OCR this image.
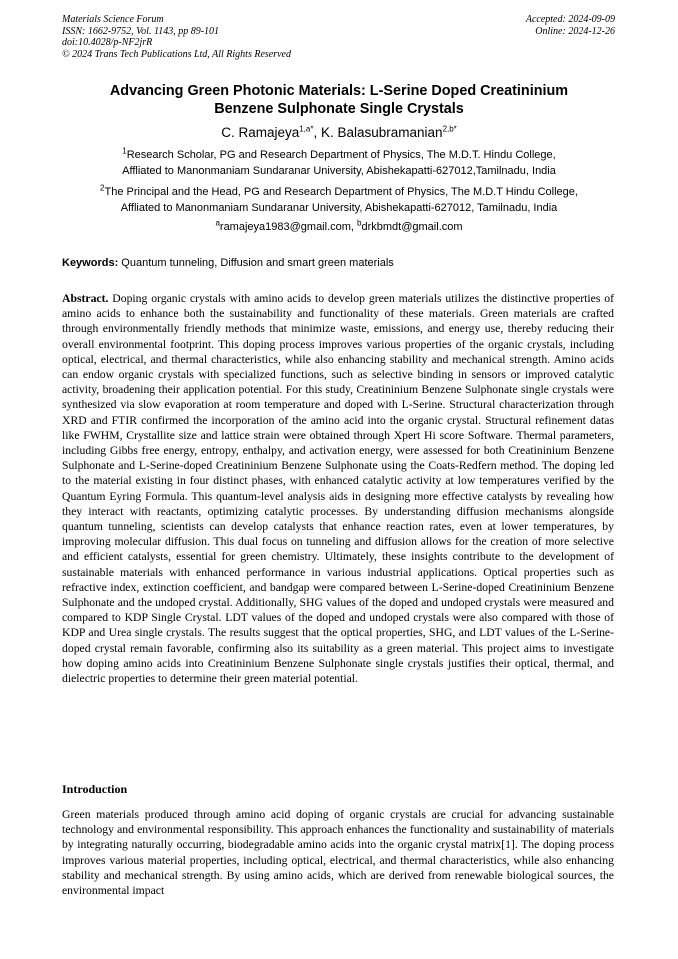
Materials Science Forum
ISSN: 1662-9752, Vol. 1143, pp 89-101
doi:10.4028/p-NF2jrR
© 2024 Trans Tech Publications Ltd, All Rights Reserved
Accepted: 2024-09-09
Online: 2024-12-26
Advancing Green Photonic Materials: L-Serine Doped Creatininium
Benzene Sulphonate Single Crystals
C. Ramajeya$^{1,a*}$, K. Balasubramanian$^{2,b*}$
$^1$Research Scholar, PG and Research Department of Physics, The M.D.T. Hindu College,
Affliated to Manonmaniam Sundaranar University, Abishekapatti-627012,Tamilnadu, India
$^2$The Principal and the Head, PG and Research Department of Physics, The M.D.T Hindu College,
Affliated to Manonmaniam Sundaranar University, Abishekapatti-627012, Tamilnadu, India
$^a$ramajeya1983@gmail.com, $^b$drkbmdt@gmail.com
Keywords: Quantum tunneling, Diffusion and smart green materials
Abstract. Doping organic crystals with amino acids to develop green materials utilizes the distinctive properties of amino acids to enhance both the sustainability and functionality of these materials. Green materials are crafted through environmentally friendly methods that minimize waste, emissions, and energy use, thereby reducing their overall environmental footprint. This doping process improves various properties of the organic crystals, including optical, electrical, and thermal characteristics, while also enhancing stability and mechanical strength. Amino acids can endow organic crystals with specialized functions, such as selective binding in sensors or improved catalytic activity, broadening their application potential. For this study, Creatininium Benzene Sulphonate single crystals were synthesized via slow evaporation at room temperature and doped with L-Serine. Structural characterization through XRD and FTIR confirmed the incorporation of the amino acid into the organic crystal. Structural refinement datas like FWHM, Crystallite size and lattice strain were obtained through Xpert Hi score Software. Thermal parameters, including Gibbs free energy, entropy, enthalpy, and activation energy, were assessed for both Creatininium Benzene Sulphonate and L-Serine-doped Creatininium Benzene Sulphonate using the Coats-Redfern method. The doping led to the material existing in four distinct phases, with enhanced catalytic activity at low temperatures verified by the Quantum Eyring Formula. This quantum-level analysis aids in designing more effective catalysts by revealing how they interact with reactants, optimizing catalytic processes. By understanding diffusion mechanisms alongside quantum tunneling, scientists can develop catalysts that enhance reaction rates, even at lower temperatures, by improving molecular diffusion. This dual focus on tunneling and diffusion allows for the creation of more selective and efficient catalysts, essential for green chemistry. Ultimately, these insights contribute to the development of sustainable materials with enhanced performance in various industrial applications. Optical properties such as refractive index, extinction coefficient, and bandgap were compared between L-Serine-doped Creatininium Benzene Sulphonate and the undoped crystal. Additionally, SHG values of the doped and undoped crystals were measured and compared to KDP Single Crystal. LDT values of the doped and undoped crystals were also compared with those of KDP and Urea single crystals. The results suggest that the optical properties, SHG, and LDT values of the L-Serine-doped crystal remain favorable, confirming also its suitability as a green material. This project aims to investigate how doping amino acids into Creatininium Benzene Sulphonate single crystals justifies their optical, thermal, and dielectric properties to determine their green material potential.
Introduction
Green materials produced through amino acid doping of organic crystals are crucial for advancing sustainable technology and environmental responsibility. This approach enhances the functionality and sustainability of materials by integrating naturally occurring, biodegradable amino acids into the organic crystal matrix[1]. The doping process improves various material properties, including optical, electrical, and thermal characteristics, while also enhancing stability and mechanical strength. By using amino acids, which are derived from renewable biological sources, the environmental impact
